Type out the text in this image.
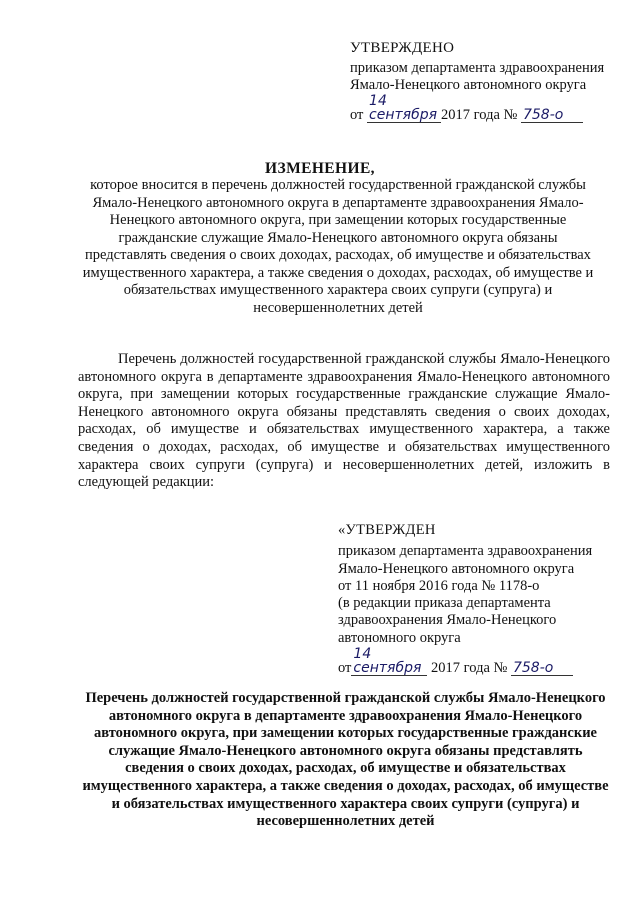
УТВЕРЖДЕНО
приказом департамента здравоохранения
Ямало-Ненецкого автономного округа
от 14 сентября 2017 года № 758-о
ИЗМЕНЕНИЕ,
которое вносится в перечень должностей государственной гражданской службы Ямало-Ненецкого автономного округа в департаменте здравоохранения Ямало-Ненецкого автономного округа, при замещении которых государственные гражданские служащие Ямало-Ненецкого автономного округа обязаны представлять сведения о своих доходах, расходах, об имуществе и обязательствах имущественного характера, а также сведения о доходах, расходах, об имуществе и обязательствах имущественного характера своих супруги (супруга) и несовершеннолетних детей
Перечень должностей государственной гражданской службы Ямало-Ненецкого автономного округа в департаменте здравоохранения Ямало-Ненецкого автономного округа, при замещении которых государственные гражданские служащие Ямало-Ненецкого автономного округа обязаны представлять сведения о своих доходах, расходах, об имуществе и обязательствах имущественного характера, а также сведения о доходах, расходах, об имуществе и обязательствах имущественного характера своих супруги (супруга) и несовершеннолетних детей, изложить в следующей редакции:
«УТВЕРЖДЕН
приказом департамента здравоохранения
Ямало-Ненецкого автономного округа
от 11 ноября 2016 года № 1178-о
(в редакции приказа департамента
здравоохранения Ямало-Ненецкого
автономного округа
от14 сентября 2017 года № 758-о
Перечень должностей государственной гражданской службы Ямало-Ненецкого автономного округа в департаменте здравоохранения Ямало-Ненецкого автономного округа, при замещении которых государственные гражданские служащие Ямало-Ненецкого автономного округа обязаны представлять сведения о своих доходах, расходах, об имуществе и обязательствах имущественного характера, а также сведения о доходах, расходах, об имуществе и обязательствах имущественного характера своих супруги (супруга) и несовершеннолетних детей
